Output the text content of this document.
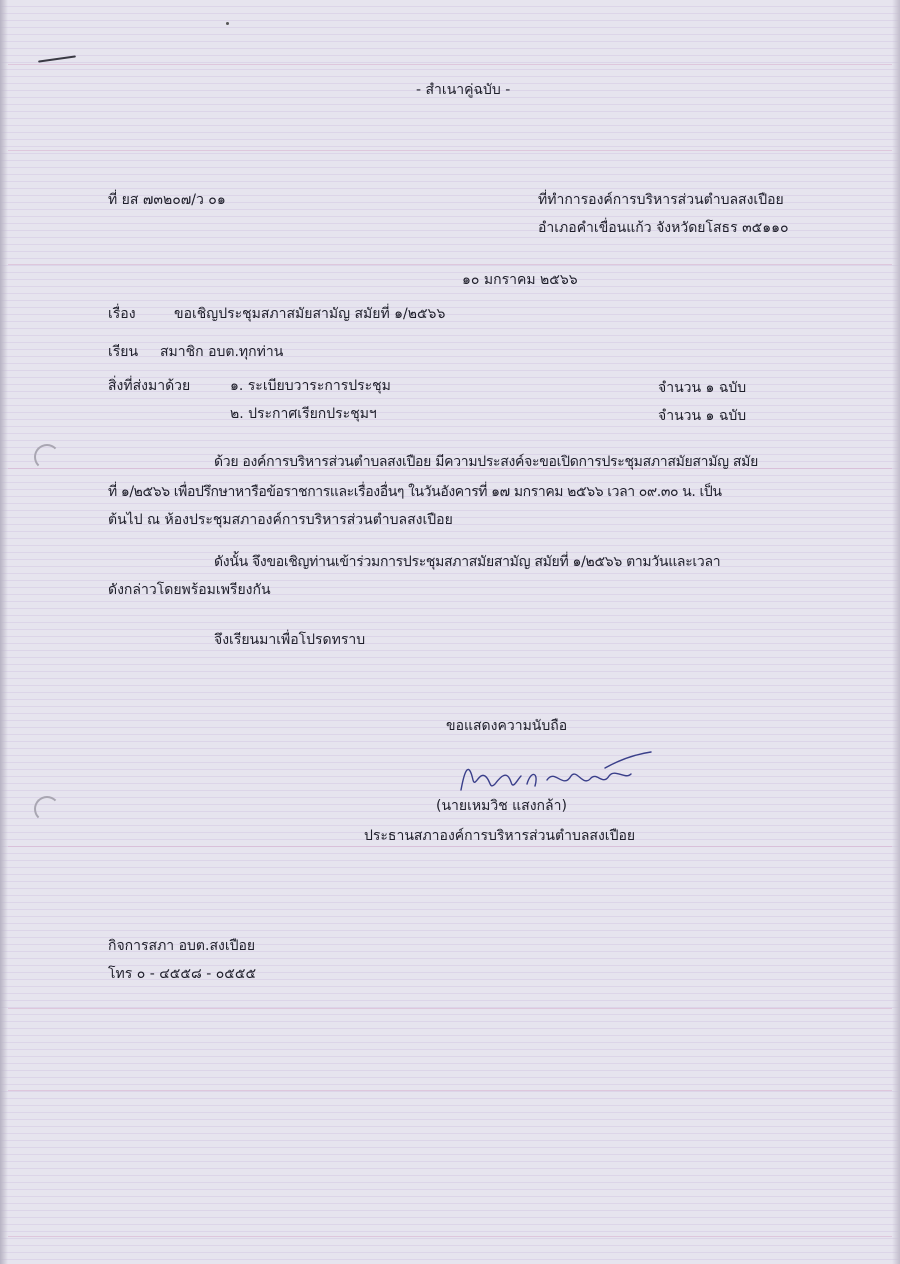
- สำเนาคู่ฉบับ -
ที่ ยส ๗๓๒๐๗/ว ๐๑	ที่ทำการองค์การบริหารส่วนตำบลสงเปือย
อำเภอคำเขื่อนแก้ว จังหวัดยโสธร ๓๕๑๑๐
๑๐ มกราคม ๒๕๖๖
เรื่อง	ขอเชิญประชุมสภาสมัยสามัญ สมัยที่ ๑/๒๕๖๖
เรียน สมาชิก อบต.ทุกท่าน
สิ่งที่ส่งมาด้วย	๑. ระเบียบวาระการประชุม	จำนวน ๑ ฉบับ
๒. ประกาศเรียกประชุมฯ	จำนวน ๑ ฉบับ
ด้วย องค์การบริหารส่วนตำบลสงเปือย มีความประสงค์จะขอเปิดการประชุมสภาสมัยสามัญ สมัย
ที่ ๑/๒๕๖๖ เพื่อปรึกษาหารือข้อราชการและเรื่องอื่นๆ ในวันอังคารที่ ๑๗ มกราคม ๒๕๖๖ เวลา ๐๙.๓๐ น. เป็น
ต้นไป ณ ห้องประชุมสภาองค์การบริหารส่วนตำบลสงเปือย
ดังนั้น จึงขอเชิญท่านเข้าร่วมการประชุมสภาสมัยสามัญ สมัยที่ ๑/๒๕๖๖ ตามวันและเวลา
ดังกล่าวโดยพร้อมเพรียงกัน
จึงเรียนมาเพื่อโปรดทราบ
ขอแสดงความนับถือ
(นายเหมวิช แสงกล้า)
ประธานสภาองค์การบริหารส่วนตำบลสงเปือย
กิจการสภา อบต.สงเปือย
โทร ๐ - ๔๕๕๘ - ๐๕๕๕
